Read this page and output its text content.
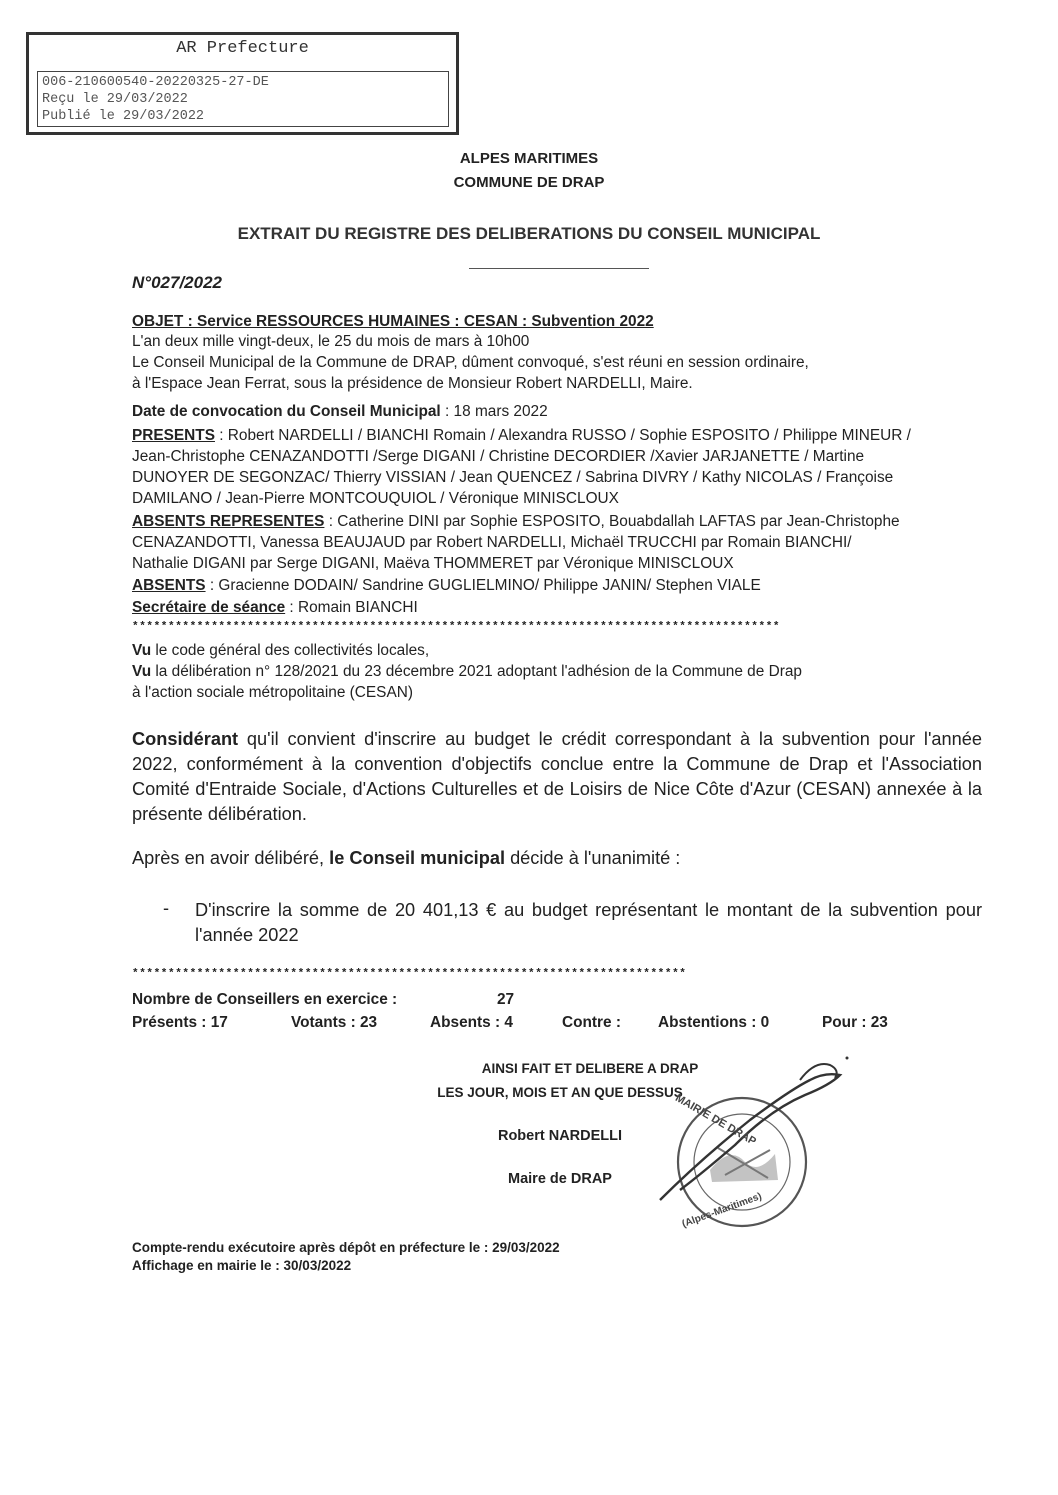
AR Prefecture
006-210600540-20220325-27-DE
Reçu le 29/03/2022
Publié le 29/03/2022
ALPES MARITIMES
COMMUNE DE DRAP
EXTRAIT DU REGISTRE DES DELIBERATIONS DU CONSEIL MUNICIPAL
N°027/2022
OBJET : Service RESSOURCES HUMAINES : CESAN : Subvention 2022
L'an deux mille vingt-deux, le 25 du mois de mars à 10h00
Le Conseil Municipal de la Commune de DRAP, dûment convoqué, s'est réuni en session ordinaire,
à l'Espace Jean Ferrat, sous la présidence de Monsieur Robert NARDELLI, Maire.
Date de convocation du Conseil Municipal : 18 mars 2022
PRESENTS : Robert NARDELLI / BIANCHI Romain / Alexandra RUSSO / Sophie ESPOSITO / Philippe MINEUR /
Jean-Christophe CENAZANDOTTI /Serge DIGANI / Christine DECORDIER /Xavier JARJANETTE / Martine
DUNOYER DE SEGONZAC/ Thierry VISSIAN / Jean QUENCEZ / Sabrina DIVRY / Kathy NICOLAS / Françoise
DAMILANO / Jean-Pierre MONTCOUQUIOL / Véronique MINISCLOUX
ABSENTS REPRESENTES : Catherine DINI par Sophie ESPOSITO, Bouabdallah LAFTAS par Jean-Christophe
CENAZANDOTTI, Vanessa BEAUJAUD par Robert NARDELLI, Michaël TRUCCHI par Romain BIANCHI/
Nathalie DIGANI par Serge DIGANI, Maëva THOMMERET par Véronique MINISCLOUX
ABSENTS : Gracienne DODAIN/ Sandrine GUGLIELMINO/ Philippe JANIN/ Stephen VIALE
Secrétaire de séance : Romain BIANCHI
******************************************************************************************
Vu le code général des collectivités locales,
Vu la délibération n° 128/2021 du 23 décembre 2021 adoptant l'adhésion de la Commune de Drap
à l'action sociale métropolitaine (CESAN)
Considérant qu'il convient d'inscrire au budget le crédit correspondant à la subvention pour l'année 2022, conformément à la convention d'objectifs conclue entre la Commune de Drap et l'Association Comité d'Entraide Sociale, d'Actions Culturelles et de Loisirs de Nice Côte d'Azur (CESAN) annexée à la présente délibération.
Après en avoir délibéré, le Conseil municipal décide à l'unanimité :
- D'inscrire la somme de 20 401,13 € au budget représentant le montant de la subvention pour l'année 2022
*****************************************************************************
Nombre de Conseillers en exercice :	27
Présents : 17	Votants : 23	Absents : 4	Contre : Abstentions : 0	Pour : 23
AINSI FAIT ET DELIBERE A DRAP
LES JOUR, MOIS ET AN QUE DESSUS
Robert NARDELLI
Maire de DRAP
MAIRIE DE DRAP
(Alpes-Maritimes)
Compte-rendu exécutoire après dépôt en préfecture le : 29/03/2022
Affichage en mairie le : 30/03/2022
